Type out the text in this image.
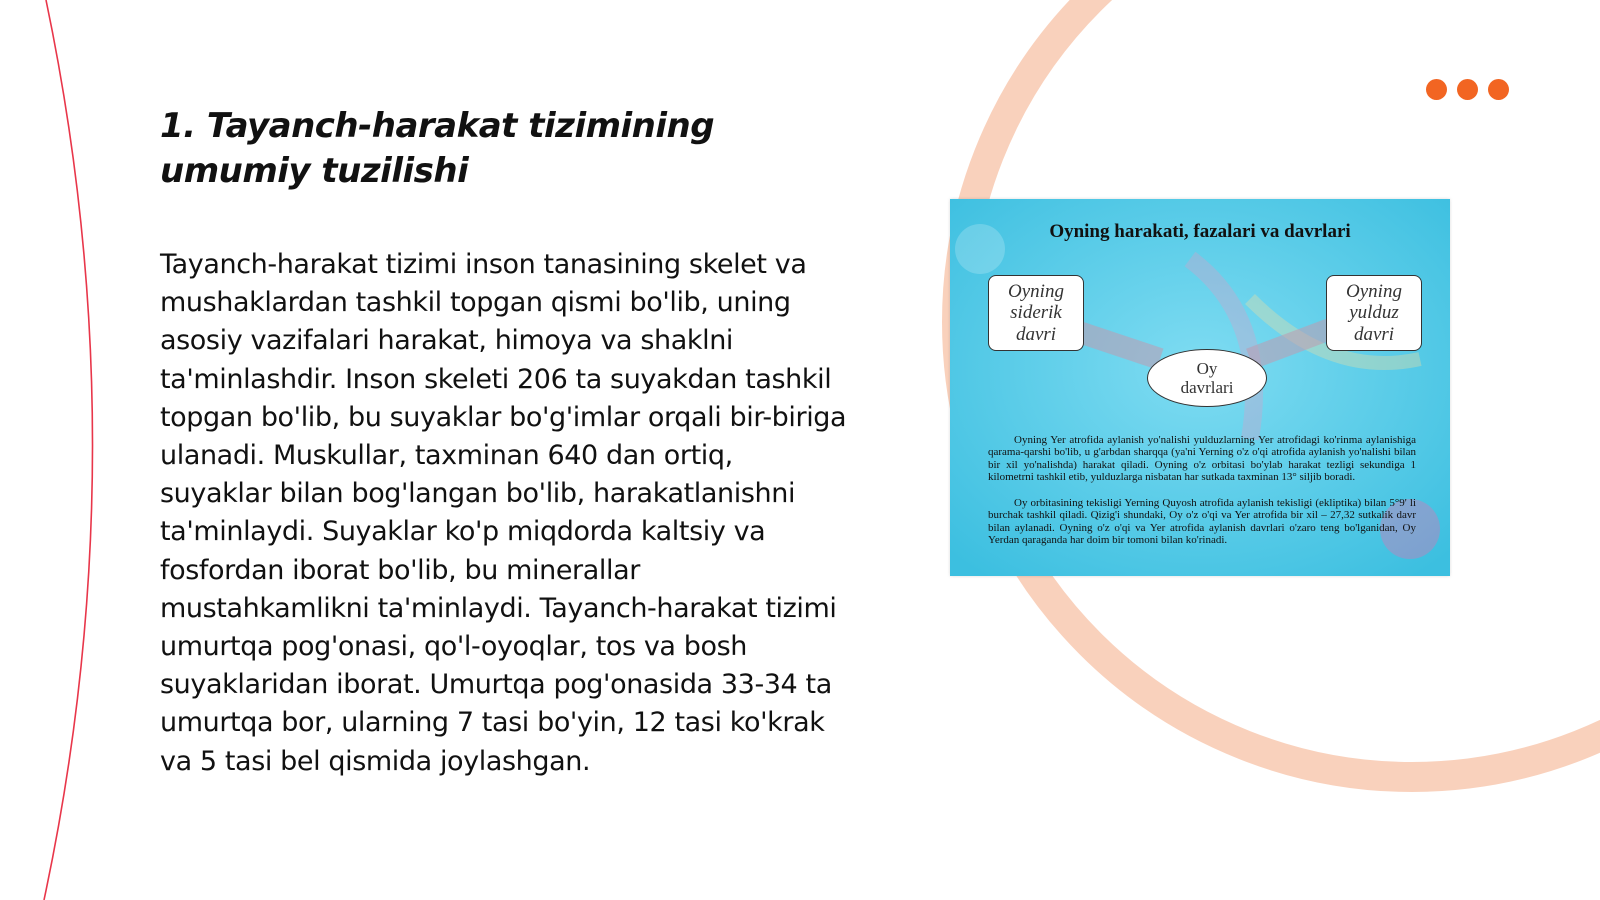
1. Tayanch-harakat tizimining umumiy tuzilishi

Tayanch-harakat tizimi inson tanasining skelet va mushaklardan tashkil topgan qismi bo'lib, uning asosiy vazifalari harakat, himoya va shaklni ta'minlashdir. Inson skeleti 206 ta suyakdan tashkil topgan bo'lib, bu suyaklar bo'g'imlar orqali bir-biriga ulanadi. Muskullar, taxminan 640 dan ortiq, suyaklar bilan bog'langan bo'lib, harakatlanishni ta'minlaydi. Suyaklar ko'p miqdorda kaltsiy va fosfordan iborat bo'lib, bu minerallar mustahkamlikni ta'minlaydi. Tayanch-harakat tizimi umurtqa pog'onasi, qo'l-oyoqlar, tos va bosh suyaklaridan iborat. Umurtqa pog'onasida 33-34 ta umurtqa bor, ularning 7 tasi bo'yin, 12 tasi ko'krak va 5 tasi bel qismida joylashgan.

Oyning harakati, fazalari va davrlari

Oyning siderik davri
Oyning yulduz davri
Oy davrlari

Oyning Yer atrofida aylanish yo'nalishi yulduzlarning Yer atrofidagi ko'rinma aylanishiga qarama-qarshi bo'lib, u g'arbdan sharqqa (ya'ni Yerning o'z o'qi atrofida aylanish yo'nalishi bilan bir xil yo'nalishda) harakat qiladi. Oyning o'z orbitasi bo'ylab harakat tezligi sekundiga 1 kilometrni tashkil etib, yulduzlarga nisbatan har sutkada taxminan 13° siljib boradi.

Oy orbitasining tekisligi Yerning Quyosh atrofida aylanish tekisligi (ekliptika) bilan 5°9' li burchak tashkil qiladi. Qizig'i shundaki, Oy o'z o'qi va Yer atrofida bir xil – 27,32 sutkalik davr bilan aylanadi. Oyning o'z o'qi va Yer atrofida aylanish davrlari o'zaro teng bo'lganidan, Oy Yerdan qaraganda har doim bir tomoni bilan ko'rinadi.
